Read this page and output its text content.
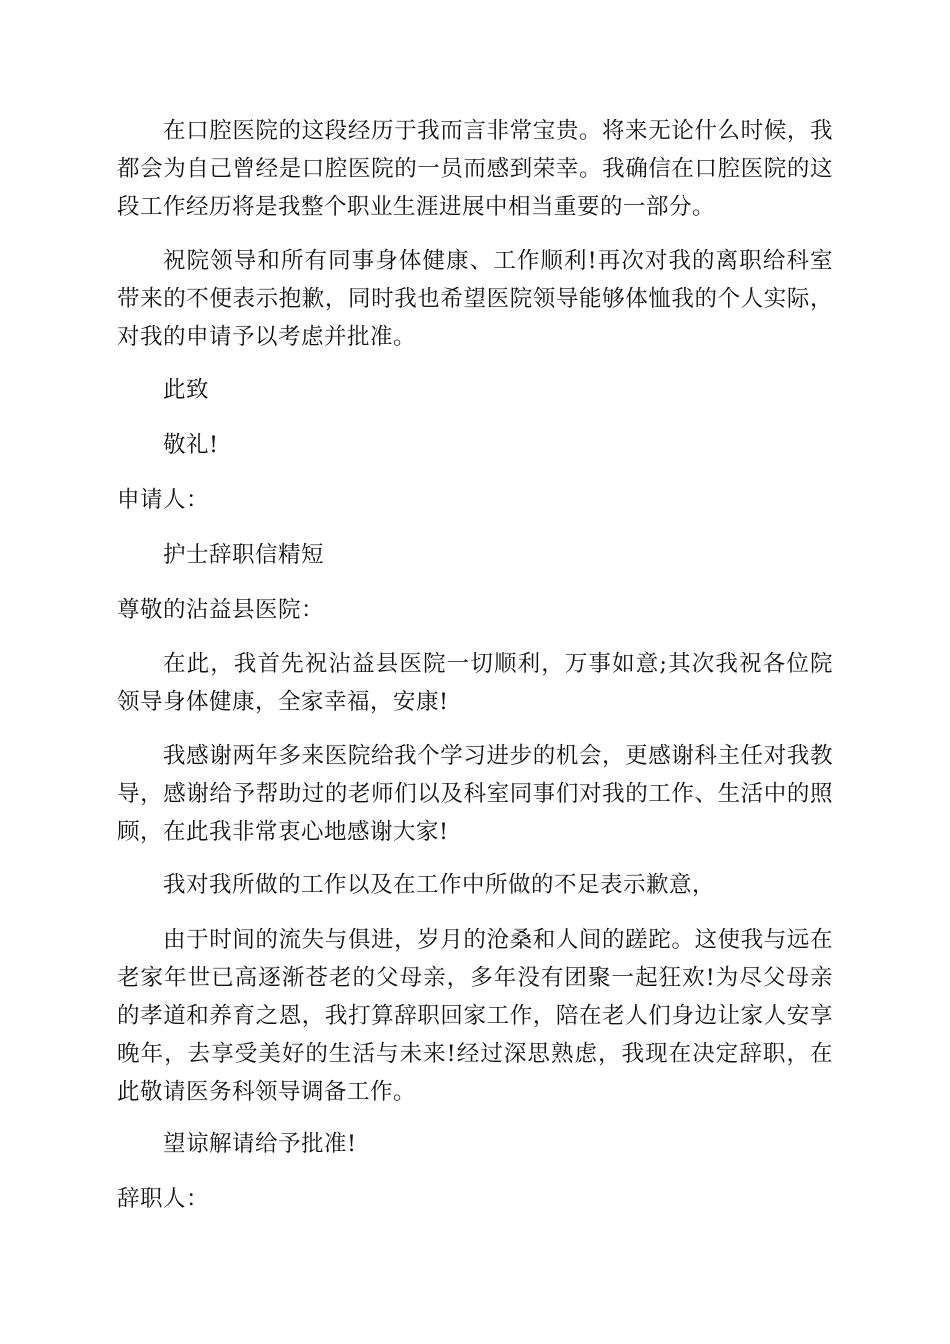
在口腔医院的这段经历于我而言非常宝贵。将来无论什么时候，我都会为自己曾经是口腔医院的一员而感到荣幸。我确信在口腔医院的这段工作经历将是我整个职业生涯进展中相当重要的一部分。

祝院领导和所有同事身体健康、工作顺利!再次对我的离职给科室带来的不便表示抱歉，同时我也希望医院领导能够体恤我的个人实际，对我的申请予以考虑并批准。

此致

敬礼!

申请人：

护士辞职信精短

尊敬的沾益县医院：

在此，我首先祝沾益县医院一切顺利，万事如意;其次我祝各位院领导身体健康，全家幸福，安康!

我感谢两年多来医院给我个学习进步的机会，更感谢科主任对我教导，感谢给予帮助过的老师们以及科室同事们对我的工作、生活中的照顾，在此我非常衷心地感谢大家!

我对我所做的工作以及在工作中所做的不足表示歉意，

由于时间的流失与俱进，岁月的沧桑和人间的蹉跎。这使我与远在老家年世已高逐渐苍老的父母亲，多年没有团聚一起狂欢!为尽父母亲的孝道和养育之恩，我打算辞职回家工作，陪在老人们身边让家人安享晚年，去享受美好的生活与未来!经过深思熟虑，我现在决定辞职，在此敬请医务科领导调备工作。

望谅解请给予批准!

辞职人：
